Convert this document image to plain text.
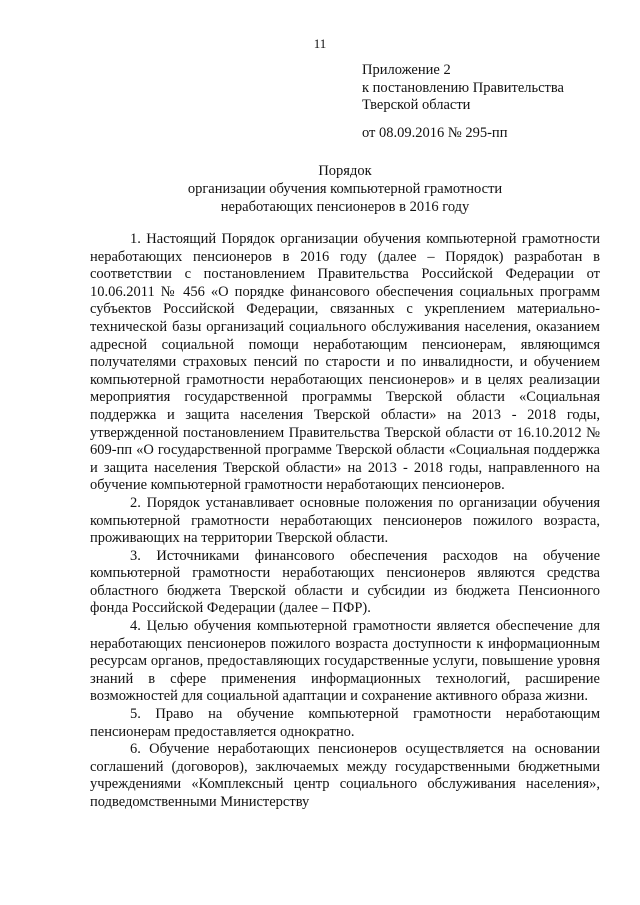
11
Приложение 2
к постановлению Правительства
Тверской области
от 08.09.2016 № 295-пп
Порядок
организации обучения компьютерной грамотности
неработающих пенсионеров в 2016 году

1. Настоящий Порядок организации обучения компьютерной грамотности неработающих пенсионеров в 2016 году (далее – Порядок) разработан в соответствии с постановлением Правительства Российской Федерации от 10.06.2011 № 456 «О порядке финансового обеспечения социальных программ субъектов Российской Федерации, связанных с укреплением материально-технической базы организаций социального обслуживания населения, оказанием адресной социальной помощи неработающим пенсионерам, являющимся получателями страховых пенсий по старости и по инвалидности, и обучением компьютерной грамотности неработающих пенсионеров» и в целях реализации мероприятия государственной программы Тверской области «Социальная поддержка и защита населения Тверской области» на 2013 - 2018 годы, утвержденной постановлением Правительства Тверской области от 16.10.2012 № 609-пп «О государственной программе Тверской области «Социальная поддержка и защита населения Тверской области» на 2013 - 2018 годы, направленного на обучение компьютерной грамотности неработающих пенсионеров.

2. Порядок устанавливает основные положения по организации обучения компьютерной грамотности неработающих пенсионеров пожилого возраста, проживающих на территории Тверской области.

3. Источниками финансового обеспечения расходов на обучение компьютерной грамотности неработающих пенсионеров являются средства областного бюджета Тверской области и субсидии из бюджета Пенсионного фонда Российской Федерации (далее – ПФР).

4. Целью обучения компьютерной грамотности является обеспечение для неработающих пенсионеров пожилого возраста доступности к информационным ресурсам органов, предоставляющих государственные услуги, повышение уровня знаний в сфере применения информационных технологий, расширение возможностей для социальной адаптации и сохранение активного образа жизни.

5. Право на обучение компьютерной грамотности неработающим пенсионерам предоставляется однократно.

6. Обучение неработающих пенсионеров осуществляется на основании соглашений (договоров), заключаемых между государственными бюджетными учреждениями «Комплексный центр социального обслуживания населения», подведомственными Министерству
